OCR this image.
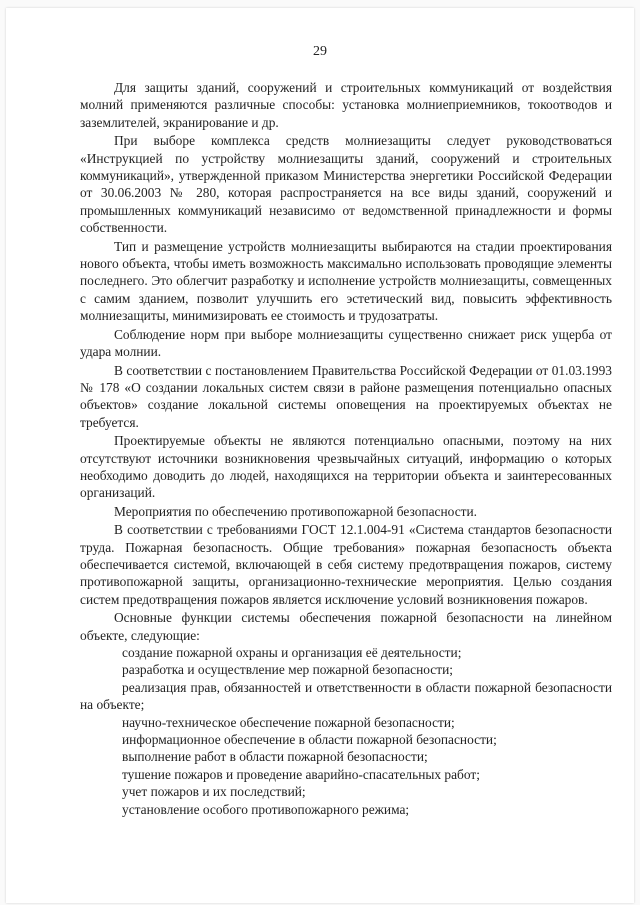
29

Для защиты зданий, сооружений и строительных коммуникаций от воздействия молний применяются различные способы: установка молниеприемников, токоотводов и заземлителей, экранирование и др.

При выборе комплекса средств молниезащиты следует руководствоваться «Инструкцией по устройству молниезащиты зданий, сооружений и строительных коммуникаций», утвержденной приказом Министерства энергетики Российской Федерации от 30.06.2003 № 280, которая распространяется на все виды зданий, сооружений и промышленных коммуникаций независимо от ведомственной принадлежности и формы собственности.

Тип и размещение устройств молниезащиты выбираются на стадии проектирования нового объекта, чтобы иметь возможность максимально использовать проводящие элементы последнего. Это облегчит разработку и исполнение устройств молниезащиты, совмещенных с самим зданием, позволит улучшить его эстетический вид, повысить эффективность молниезащиты, минимизировать ее стоимость и трудозатраты.

Соблюдение норм при выборе молниезащиты существенно снижает риск ущерба от удара молнии.

В соответствии с постановлением Правительства Российской Федерации от 01.03.1993 № 178 «О создании локальных систем связи в районе размещения потенциально опасных объектов» создание локальной системы оповещения на проектируемых объектах не требуется.

Проектируемые объекты не являются потенциально опасными, поэтому на них отсутствуют источники возникновения чрезвычайных ситуаций, информацию о которых необходимо доводить до людей, находящихся на территории объекта и заинтересованных организаций.

Мероприятия по обеспечению противопожарной безопасности.

В соответствии с требованиями ГОСТ 12.1.004-91 «Система стандартов безопасности труда. Пожарная безопасность. Общие требования» пожарная безопасность объекта обеспечивается системой, включающей в себя систему предотвращения пожаров, систему противопожарной защиты, организационно-технические мероприятия. Целью создания систем предотвращения пожаров является исключение условий возникновения пожаров.

Основные функции системы обеспечения пожарной безопасности на линейном объекте, следующие:

создание пожарной охраны и организация её деятельности;

разработка и осуществление мер пожарной безопасности;

реализация прав, обязанностей и ответственности в области пожарной безопасности на объекте;

научно-техническое обеспечение пожарной безопасности;

информационное обеспечение в области пожарной безопасности;

выполнение работ в области пожарной безопасности;

тушение пожаров и проведение аварийно-спасательных работ;

учет пожаров и их последствий;

установление особого противопожарного режима;
